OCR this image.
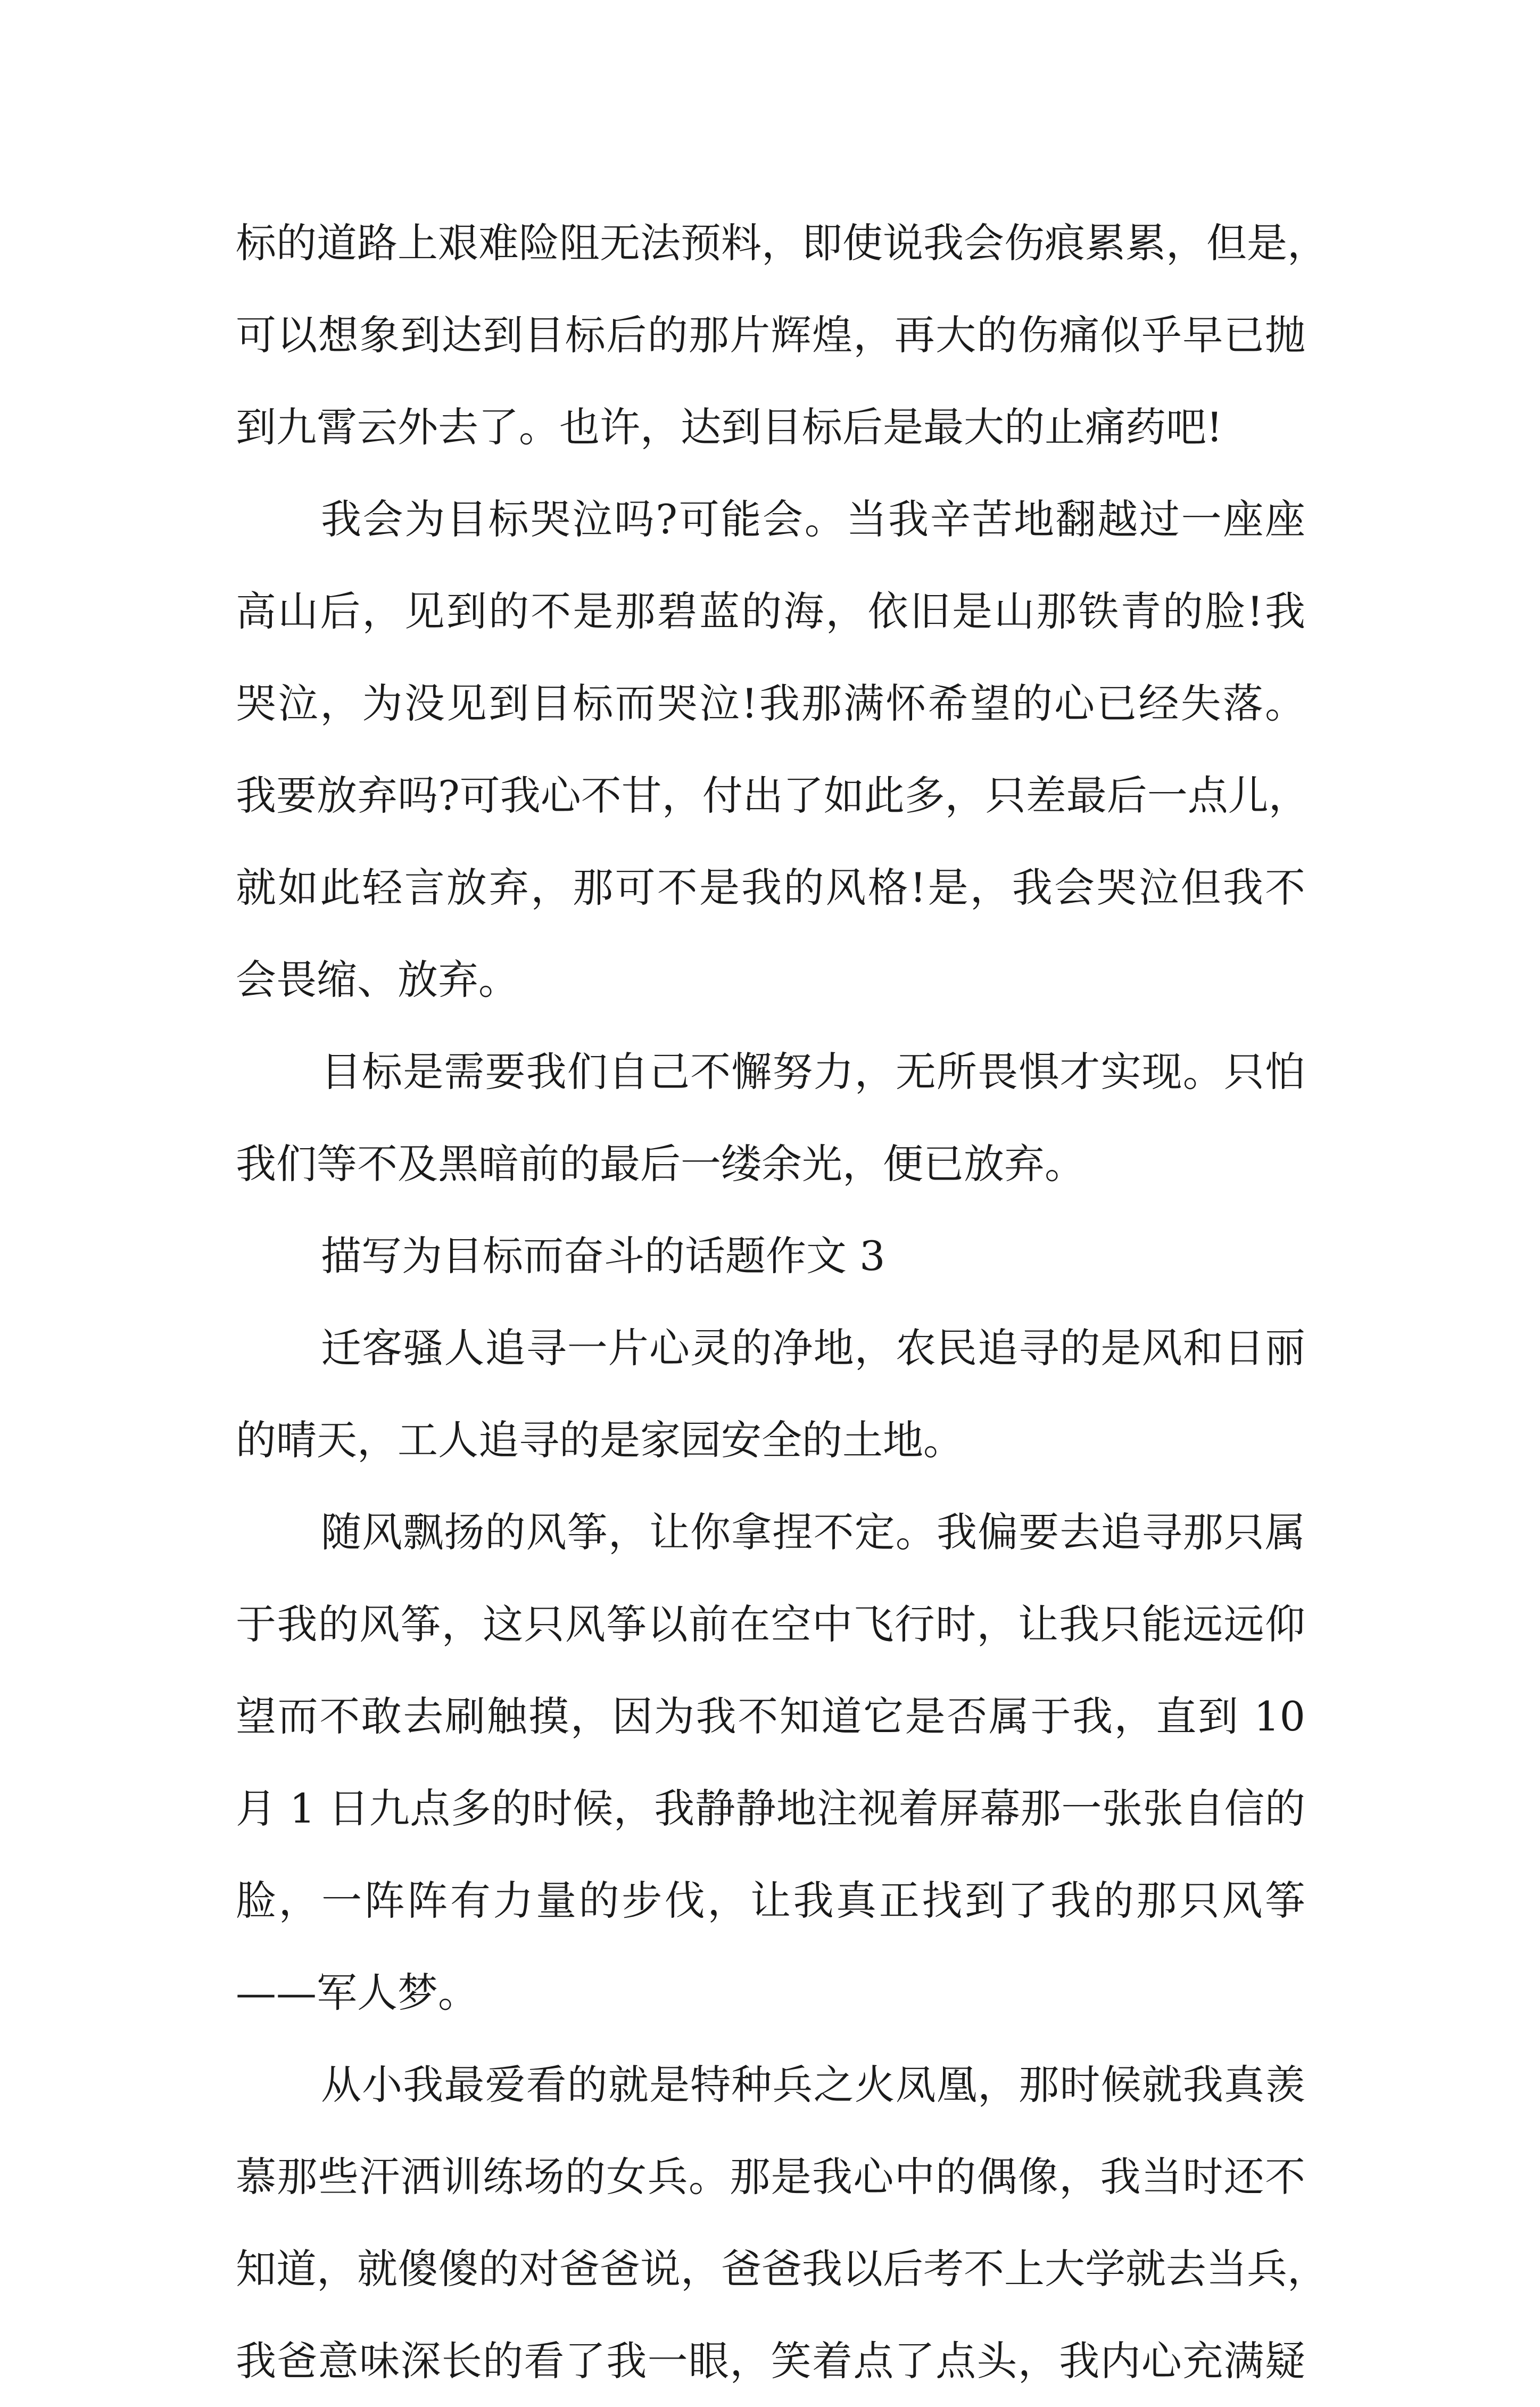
标的道路上艰难险阻无法预料，即使说我会伤痕累累，但是，
可以想象到达到目标后的那片辉煌，再大的伤痛似乎早已抛
到九霄云外去了。也许，达到目标后是最大的止痛药吧!
我会为目标哭泣吗?可能会。当我辛苦地翻越过一座座
高山后，见到的不是那碧蓝的海，依旧是山那铁青的脸!我
哭泣，为没见到目标而哭泣!我那满怀希望的心已经失落。
我要放弃吗?可我心不甘，付出了如此多，只差最后一点儿，
就如此轻言放弃，那可不是我的风格!是，我会哭泣但我不
会畏缩、放弃。
目标是需要我们自己不懈努力，无所畏惧才实现。只怕
我们等不及黑暗前的最后一缕余光，便已放弃。
描写为目标而奋斗的话题作文 3
迁客骚人追寻一片心灵的净地，农民追寻的是风和日丽
的晴天，工人追寻的是家园安全的土地。
随风飘扬的风筝，让你拿捏不定。我偏要去追寻那只属
于我的风筝，这只风筝以前在空中飞行时，让我只能远远仰
望而不敢去刷触摸，因为我不知道它是否属于我，直到 10
月 1 日九点多的时候，我静静地注视着屏幕那一张张自信的
脸，一阵阵有力量的步伐，让我真正找到了我的那只风筝
——军人梦。
从小我最爱看的就是特种兵之火凤凰，那时候就我真羡
慕那些汗洒训练场的女兵。那是我心中的偶像，我当时还不
知道，就傻傻的对爸爸说，爸爸我以后考不上大学就去当兵，
我爸意味深长的看了我一眼，笑着点了点头，我内心充满疑
